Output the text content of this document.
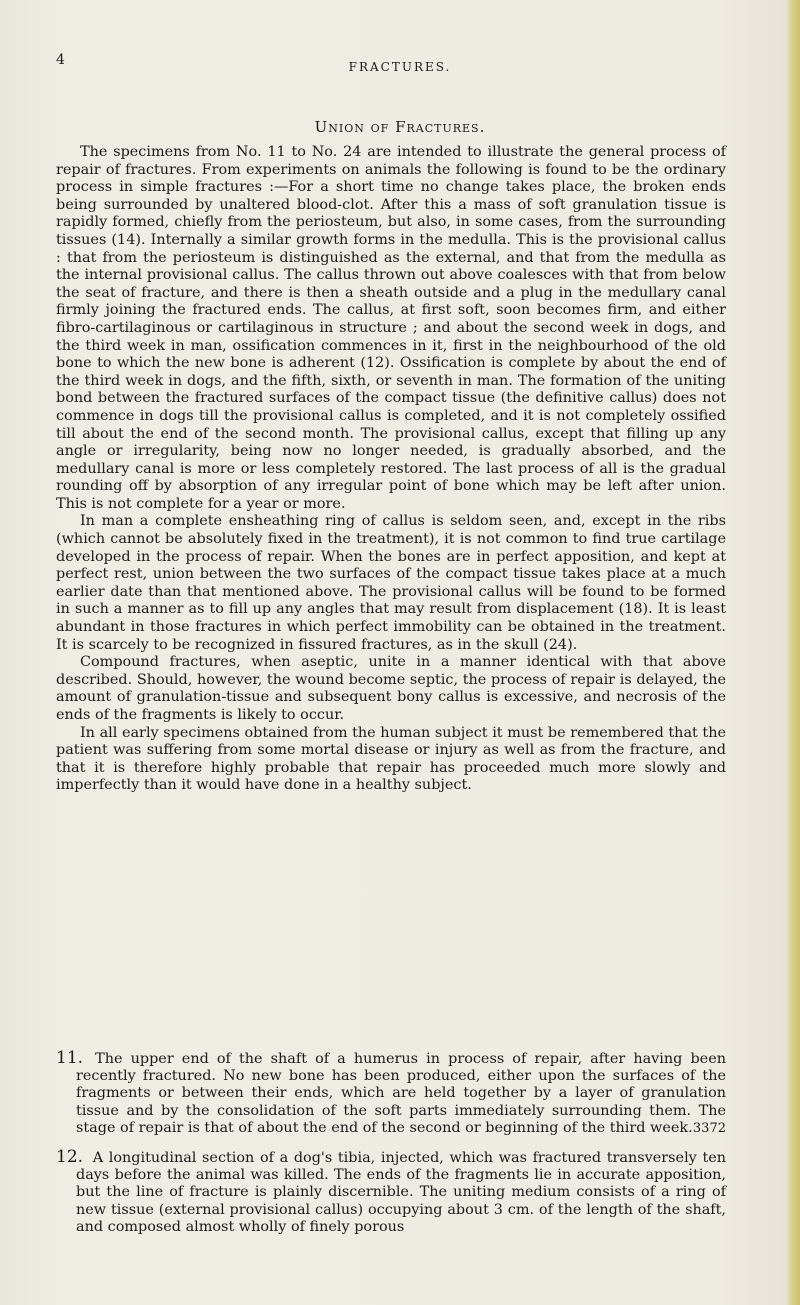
4	FRACTURES.
Union of Fractures.

The specimens from No. 11 to No. 24 are intended to illustrate the general process of repair of fractures. From experiments on animals the following is found to be the ordinary process in simple fractures :—For a short time no change takes place, the broken ends being surrounded by unaltered blood-clot. After this a mass of soft granulation tissue is rapidly formed, chiefly from the periosteum, but also, in some cases, from the surrounding tissues (14). Internally a similar growth forms in the medulla. This is the provisional callus : that from the periosteum is distinguished as the external, and that from the medulla as the internal provisional callus. The callus thrown out above coalesces with that from below the seat of fracture, and there is then a sheath outside and a plug in the medullary canal firmly joining the fractured ends. The callus, at first soft, soon becomes firm, and either fibro-cartilaginous or cartilaginous in structure ; and about the second week in dogs, and the third week in man, ossification commences in it, first in the neighbourhood of the old bone to which the new bone is adherent (12). Ossification is complete by about the end of the third week in dogs, and the fifth, sixth, or seventh in man. The formation of the uniting bond between the fractured surfaces of the compact tissue (the definitive callus) does not commence in dogs till the provisional callus is completed, and it is not completely ossified till about the end of the second month. The provisional callus, except that filling up any angle or irregularity, being now no longer needed, is gradually absorbed, and the medullary canal is more or less completely restored. The last process of all is the gradual rounding off by absorption of any irregular point of bone which may be left after union. This is not complete for a year or more.

In man a complete ensheathing ring of callus is seldom seen, and, except in the ribs (which cannot be absolutely fixed in the treatment), it is not common to find true cartilage developed in the process of repair. When the bones are in perfect apposition, and kept at perfect rest, union between the two surfaces of the compact tissue takes place at a much earlier date than that mentioned above. The provisional callus will be found to be formed in such a manner as to fill up any angles that may result from displacement (18). It is least abundant in those fractures in which perfect immobility can be obtained in the treatment. It is scarcely to be recognized in fissured fractures, as in the skull (24).

Compound fractures, when aseptic, unite in a manner identical with that above described. Should, however, the wound become septic, the process of repair is delayed, the amount of granulation-tissue and subsequent bony callus is excessive, and necrosis of the ends of the fragments is likely to occur.

In all early specimens obtained from the human subject it must be remembered that the patient was suffering from some mortal disease or injury as well as from the fracture, and that it is therefore highly probable that repair has proceeded much more slowly and imperfectly than it would have done in a healthy subject.

11. The upper end of the shaft of a humerus in process of repair, after having been recently fractured. No new bone has been produced, either upon the surfaces of the fragments or between their ends, which are held together by a layer of granulation tissue and by the consolidation of the soft parts immediately surrounding them. The stage of repair is that of about the end of the second or beginning of the third week. 3372
12. A longitudinal section of a dog's tibia, injected, which was fractured transversely ten days before the animal was killed. The ends of the fragments lie in accurate apposition, but the line of fracture is plainly discernible. The uniting medium consists of a ring of new tissue (external provisional callus) occupying about 3 cm. of the length of the shaft, and composed almost wholly of finely porous
